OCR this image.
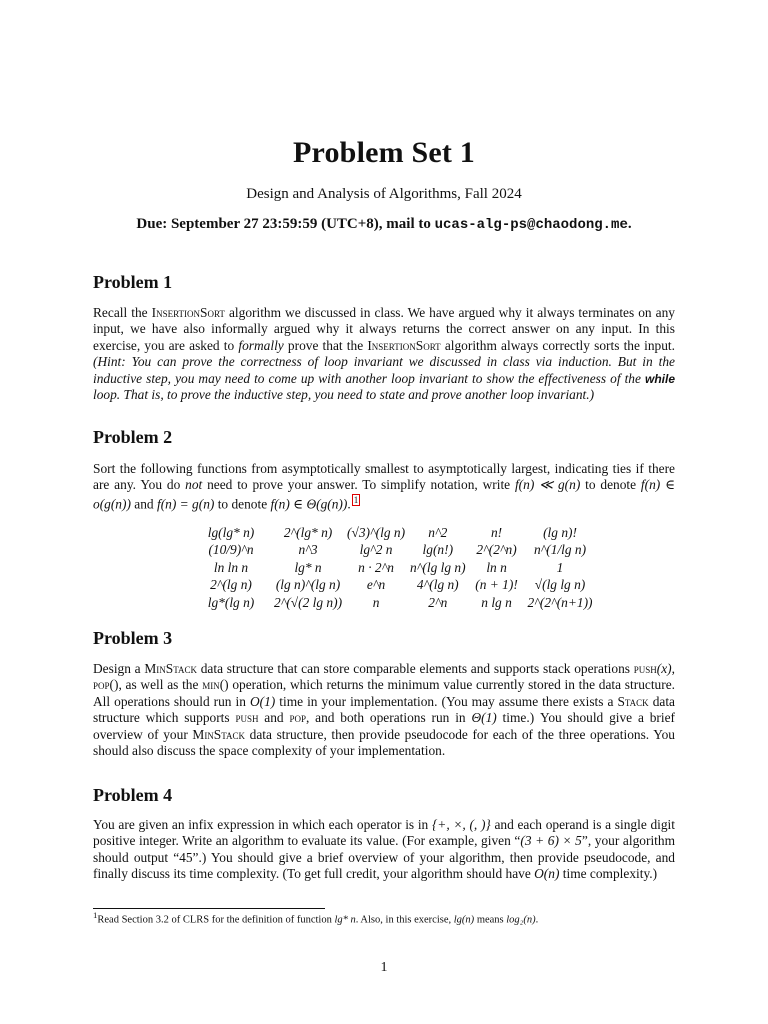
Problem Set 1
Design and Analysis of Algorithms, Fall 2024
Due: September 27 23:59:59 (UTC+8), mail to ucas-alg-ps@chaodong.me.
Problem 1

Recall the InsertionSort algorithm we discussed in class. We have argued why it always terminates on any input, we have also informally argued why it always returns the correct answer on any input. In this exercise, you are asked to formally prove that the InsertionSort algorithm always correctly sorts the input. (Hint: You can prove the correctness of loop invariant we discussed in class via induction. But in the inductive step, you may need to come up with another loop invariant to show the effectiveness of the while loop. That is, to prove the inductive step, you need to state and prove another loop invariant.)

Problem 2

Sort the following functions from asymptotically smallest to asymptotically largest, indicating ties if there are any. You do not need to prove your answer. To simplify notation, write f(n) ≪ g(n) to denote f(n) ∈ o(g(n)) and f(n) = g(n) to denote f(n) ∈ Θ(g(n)). 1

lg(lg* n)	2^(lg* n)	(√3)^(lg n)	n^2	n!	(lg n)!
(10/9)^n	n^3	lg^2 n	lg(n!)	2^(2^n)	n^(1/lg n)
ln ln n	lg* n	n · 2^n	n^(lg lg n)	ln n	1
2^(lg n)	(lg n)^(lg n)	e^n	4^(lg n)	(n + 1)!	√(lg lg n)
lg*(lg n)	2^(√(2 lg n))	n	2^n	n lg n	2^(2^(n+1))
Problem 3

Design a MinStack data structure that can store comparable elements and supports stack operations push(x), pop(), as well as the min() operation, which returns the minimum value currently stored in the data structure. All operations should run in O(1) time in your implementation. (You may assume there exists a Stack data structure which supports push and pop, and both operations run in Θ(1) time.) You should give a brief overview of your MinStack data structure, then provide pseudocode for each of the three operations. You should also discuss the space complexity of your implementation.

Problem 4

You are given an infix expression in which each operator is in {+, ×, (, )} and each operand is a single digit positive integer. Write an algorithm to evaluate its value. (For example, given “(3 + 6) × 5”, your algorithm should output “45”.) You should give a brief overview of your algorithm, then provide pseudocode, and finally discuss its time complexity. (To get full credit, your algorithm should have O(n) time complexity.)

$^1$Read Section 3.2 of CLRS for the definition of function lg* n. Also, in this exercise, lg(n) means log₂(n).
1
